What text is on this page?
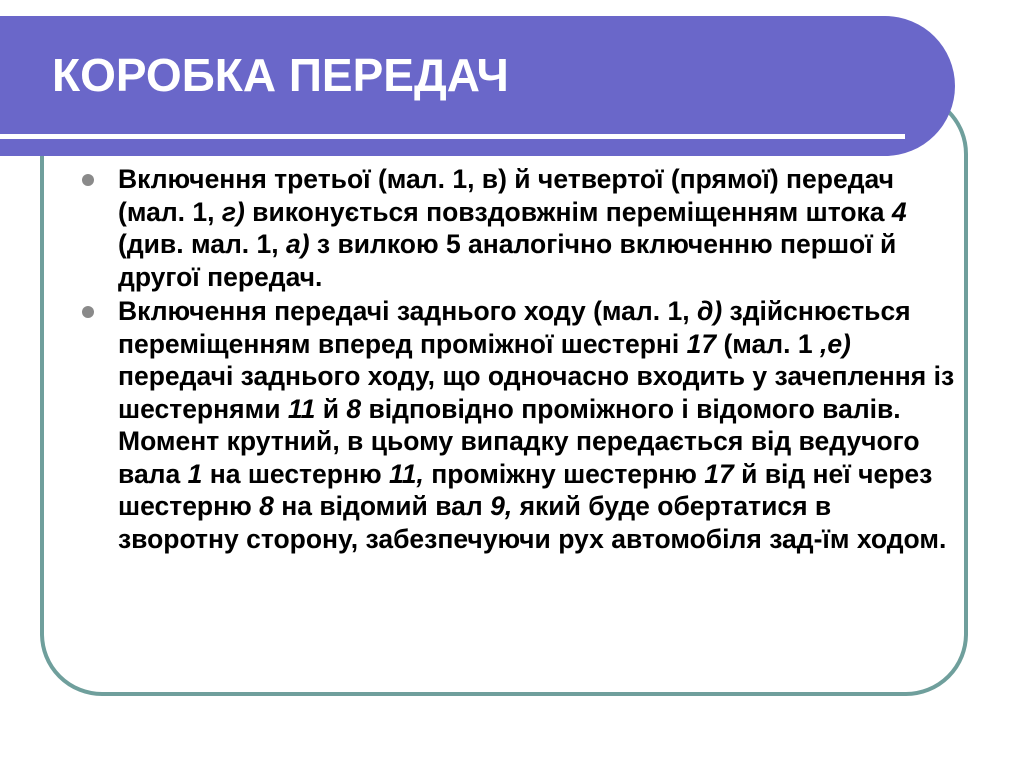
КОРОБКА ПЕРЕДАЧ
Включення третьої (мал. 1, в) й четвертої (прямої) передач (мал. 1, г) виконується повздовжнім переміщенням штока 4 (див. мал. 1, а) з вилкою 5 аналогічно включенню першої й другої передач.
Включення передачі заднього ходу (мал. 1, д) здійснюється переміщенням вперед проміжної шестерні 17 (мал. 1 ,е) передачі заднього ходу, що одночасно входить у зачеплення із шестернями 11 й 8 відповідно проміжного і відомого валів. Момент крутний, в цьому випадку передається від ведучого вала 1 на шестерню 11, проміжну шестерню 17 й від неї через шестерню 8 на відомий вал 9, який буде обертатися в зворотну сторону, забезпечуючи рух автомобіля зад-їм ходом.
